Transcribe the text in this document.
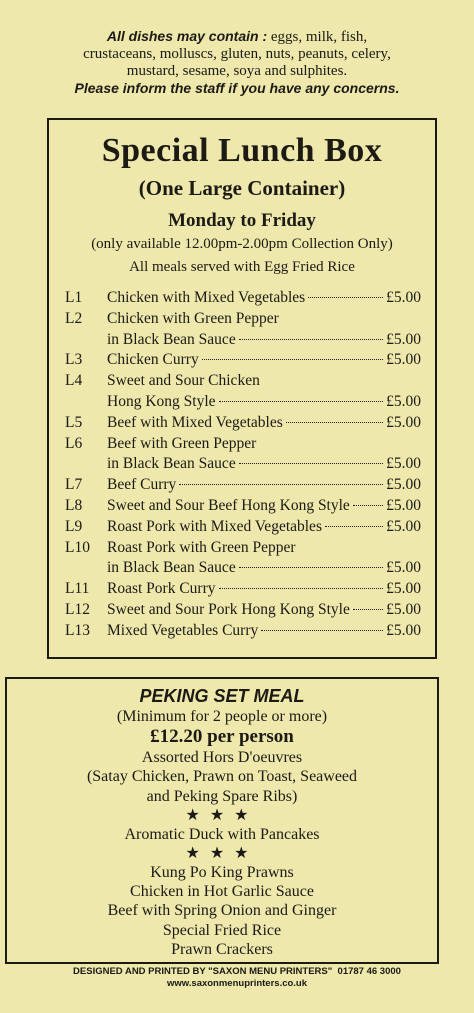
All dishes may contain : eggs, milk, fish,
crustaceans, molluscs, gluten, nuts, peanuts, celery,
mustard, sesame, soya and sulphites.
Please inform the staff if you have any concerns.
Special Lunch Box
(One Large Container)
Monday to Friday
(only available 12.00pm-2.00pm Collection Only)
All meals served with Egg Fried Rice
L1	Chicken with Mixed Vegetables	£5.00
L2	Chicken with Green Pepper
in Black Bean Sauce	£5.00
L3	Chicken Curry	£5.00
L4	Sweet and Sour Chicken
Hong Kong Style	£5.00
L5	Beef with Mixed Vegetables	£5.00
L6	Beef with Green Pepper
in Black Bean Sauce	£5.00
L7	Beef Curry	£5.00
L8	Sweet and Sour Beef Hong Kong Style £5.00
L9	Roast Pork with Mixed Vegetables	£5.00
L10	Roast Pork with Green Pepper
in Black Bean Sauce	£5.00
L11	Roast Pork Curry	£5.00
L12	Sweet and Sour Pork Hong Kong Style £5.00
L13	Mixed Vegetables Curry	£5.00
PEKING SET MEAL
(Minimum for 2 people or more)
£12.20 per person
Assorted Hors D'oeuvres
(Satay Chicken, Prawn on Toast, Seaweed
and Peking Spare Ribs)
★★★
Aromatic Duck with Pancakes
★★★
Kung Po King Prawns
Chicken in Hot Garlic Sauce
Beef with Spring Onion and Ginger
Special Fried Rice
Prawn Crackers
DESIGNED AND PRINTED BY "SAXON MENU PRINTERS" 01787 46 3000
www.saxonmenuprinters.co.uk
